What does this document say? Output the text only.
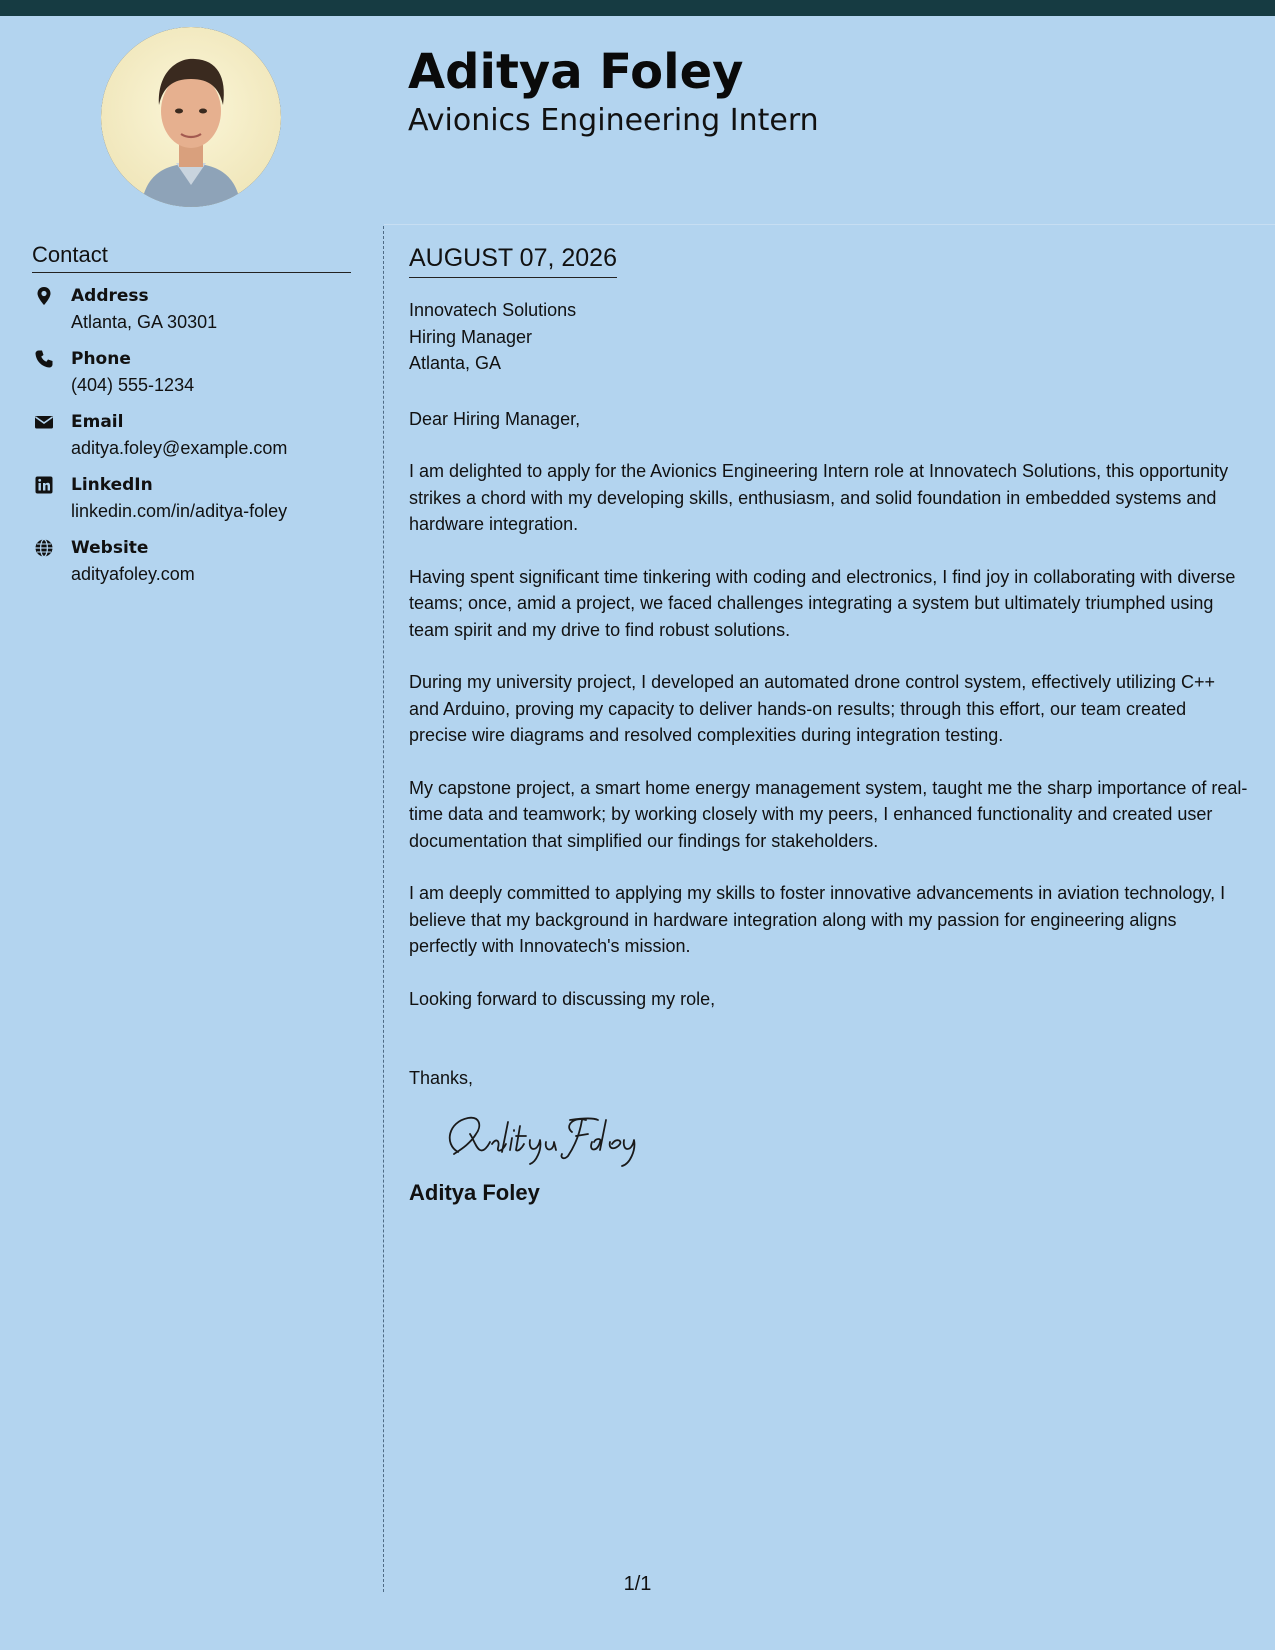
Aditya Foley
Avionics Engineering Intern
Contact
Address
Atlanta, GA 30301
Phone
(404) 555-1234
Email
aditya.foley@example.com
LinkedIn
linkedin.com/in/aditya-foley
Website
adityafoley.com
AUGUST 07, 2026
Innovatech Solutions
Hiring Manager
Atlanta, GA
Dear Hiring Manager,
I am delighted to apply for the Avionics Engineering Intern role at Innovatech Solutions, this opportunity strikes a chord with my developing skills, enthusiasm, and solid foundation in embedded systems and hardware integration.
Having spent significant time tinkering with coding and electronics, I find joy in collaborating with diverse teams; once, amid a project, we faced challenges integrating a system but ultimately triumphed using team spirit and my drive to find robust solutions.
During my university project, I developed an automated drone control system, effectively utilizing C++ and Arduino, proving my capacity to deliver hands-on results; through this effort, our team created precise wire diagrams and resolved complexities during integration testing.
My capstone project, a smart home energy management system, taught me the sharp importance of real-time data and teamwork; by working closely with my peers, I enhanced functionality and created user documentation that simplified our findings for stakeholders.
I am deeply committed to applying my skills to foster innovative advancements in aviation technology, I believe that my background in hardware integration along with my passion for engineering aligns perfectly with Innovatech's mission.
Looking forward to discussing my role,
Thanks,
Aditya Foley
1/1
